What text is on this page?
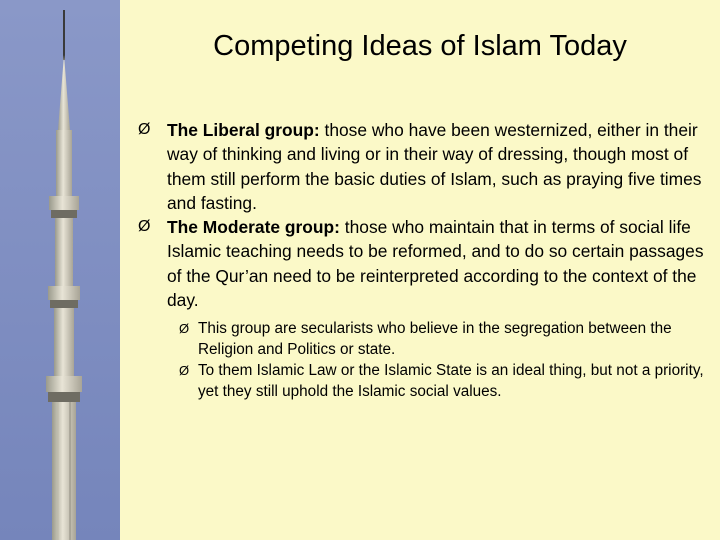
Competing Ideas of Islam Today
Ø The Liberal group: those who have been westernized, either in their way of thinking and living or in their way of dressing, though most of them still perform the basic duties of Islam, such as praying five times and fasting.
Ø The Moderate group: those who maintain that in terms of social life Islamic teaching needs to be reformed, and to do so certain passages of the Qur’an need to be reinterpreted according to the context of the day.
Ø This group are secularists who believe in the segregation between the Religion and Politics or state.
Ø To them Islamic Law or the Islamic State is an ideal thing, but not a priority, yet they still uphold the Islamic social values.
